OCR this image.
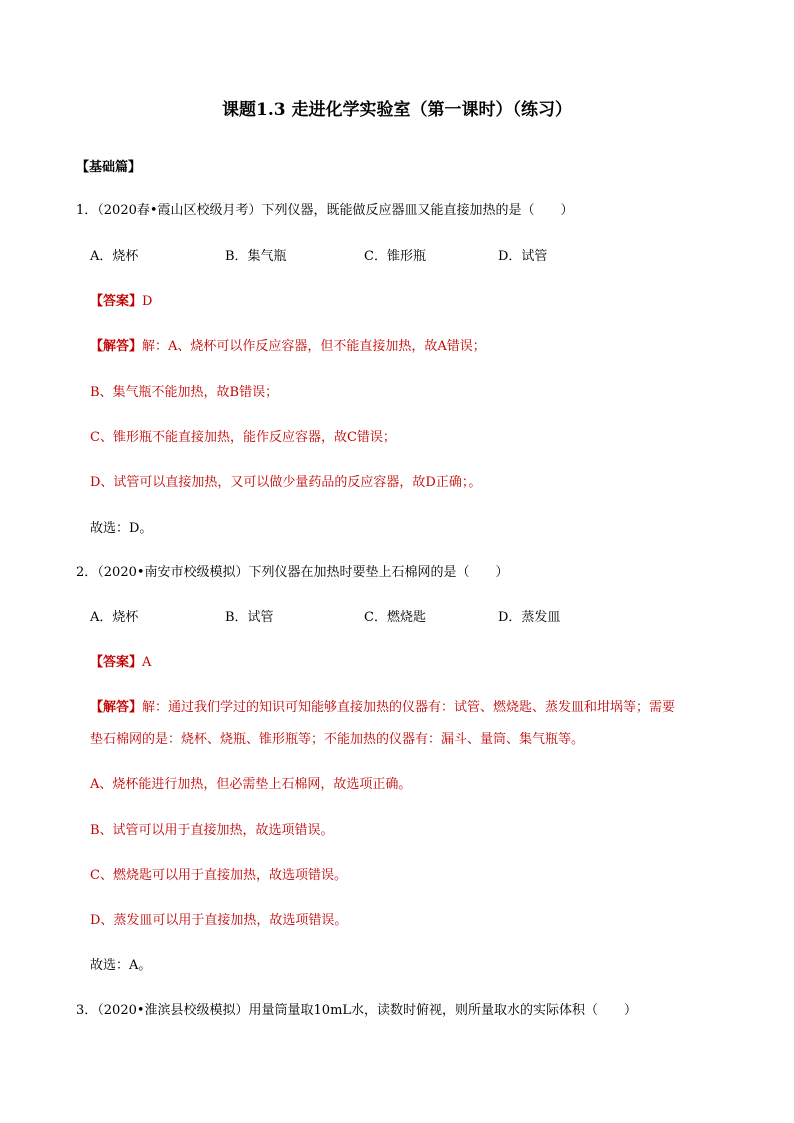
课题1.3 走进化学实验室（第一课时）（练习）
【基础篇】
1．（2020春•霞山区校级月考）下列仪器，既能做反应器皿又能直接加热的是（　　）
A．烧杯	B．集气瓶	C．锥形瓶	D．试管
【答案】D
【解答】解：A、烧杯可以作反应容器，但不能直接加热，故A错误；
B、集气瓶不能加热，故B错误；
C、锥形瓶不能直接加热，能作反应容器，故C错误；
D、试管可以直接加热，又可以做少量药品的反应容器，故D正确；。
故选：D。
2．（2020•南安市校级模拟）下列仪器在加热时要垫上石棉网的是（　　）
A．烧杯	B．试管	C．燃烧匙	D．蒸发皿
【答案】A
【解答】解：通过我们学过的知识可知能够直接加热的仪器有：试管、燃烧匙、蒸发皿和坩埚等；需要
垫石棉网的是：烧杯、烧瓶、锥形瓶等；不能加热的仪器有：漏斗、量筒、集气瓶等。
A、烧杯能进行加热，但必需垫上石棉网，故选项正确。
B、试管可以用于直接加热，故选项错误。
C、燃烧匙可以用于直接加热，故选项错误。
D、蒸发皿可以用于直接加热，故选项错误。
故选：A。
3．（2020•淮滨县校级模拟）用量筒量取10mL水，读数时俯视，则所量取水的实际体积（　　）
